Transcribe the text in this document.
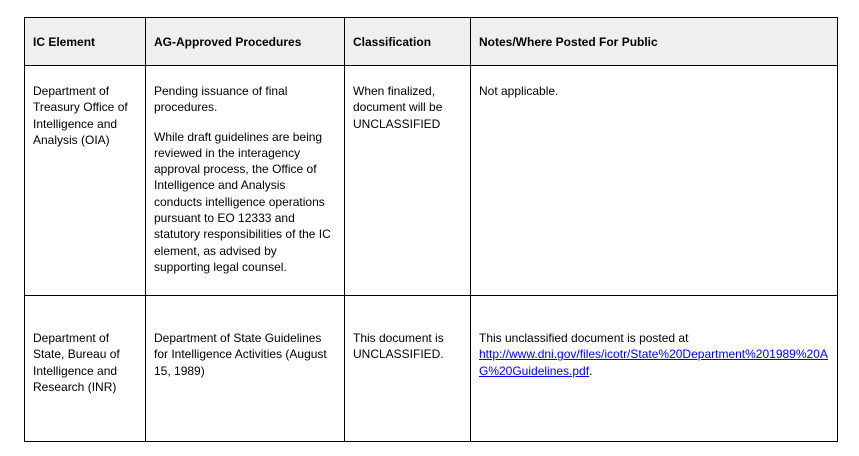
IC Element	AG-Approved Procedures	Classification	Notes/Where Posted For Public

Department of Treasury Office of Intelligence and Analysis (OIA)	Pending issuance of final procedures.
While draft guidelines are being reviewed in the interagency approval process, the Office of Intelligence and Analysis conducts intelligence operations pursuant to EO 12333 and statutory responsibilities of the IC element, as advised by supporting legal counsel.	When finalized, document will be UNCLASSIFIED	Not applicable.

Department of State, Bureau of Intelligence and Research (INR)	Department of State Guidelines for Intelligence Activities (August 15, 1989)	This document is UNCLASSIFIED.	This unclassified document is posted at
http://www.dni.gov/files/icotr/State%20Department%201989%20AG%20Guidelines.pdf.
